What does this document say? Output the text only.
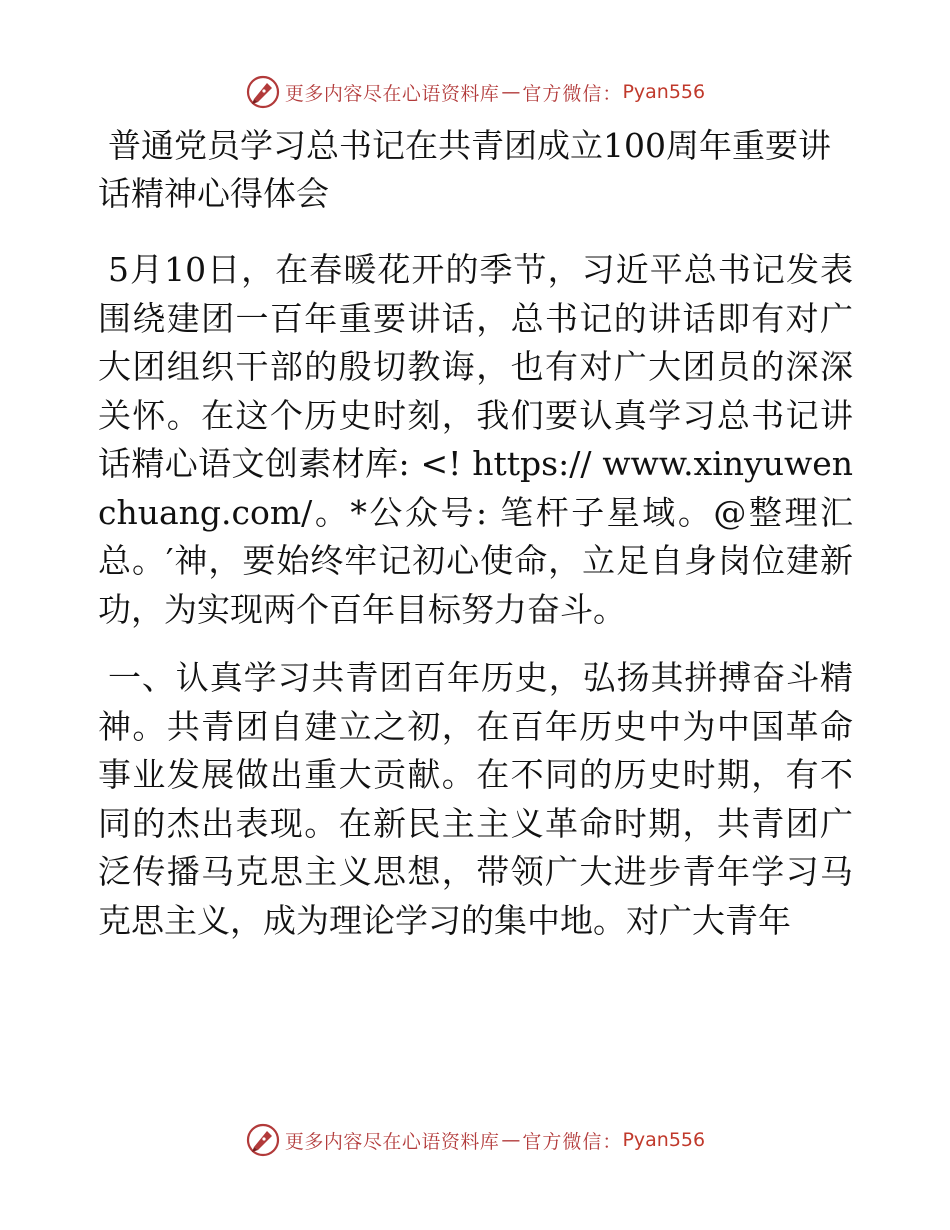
更多内容尽在心语资料库 — 官方微信： Pyan556
普通党员学习总书记在共青团成立100周年重要讲话精神心得体会

5月10日，在春暖花开的季节，习近平总书记发表围绕建团一百年重要讲话，总书记的讲话即有对广大团组织干部的殷切教诲，也有对广大团员的深深关怀。在这个历史时刻，我们要认真学习总书记讲话精心语文创素材库: <! https:// www.xinyuwenchuang.com/。*公众号: 笔杆子星域。@整理汇总。′神，要始终牢记初心使命，立足自身岗位建新功，为实现两个百年目标努力奋斗。

一、认真学习共青团百年历史，弘扬其拼搏奋斗精神。共青团自建立之初，在百年历史中为中国革命事业发展做出重大贡献。在不同的历史时期，有不同的杰出表现。在新民主主义革命时期，共青团广泛传播马克思主义思想，带领广大进步青年学习马克思主义，成为理论学习的集中地。对广大青年

更多内容尽在心语资料库 — 官方微信： Pyan556
